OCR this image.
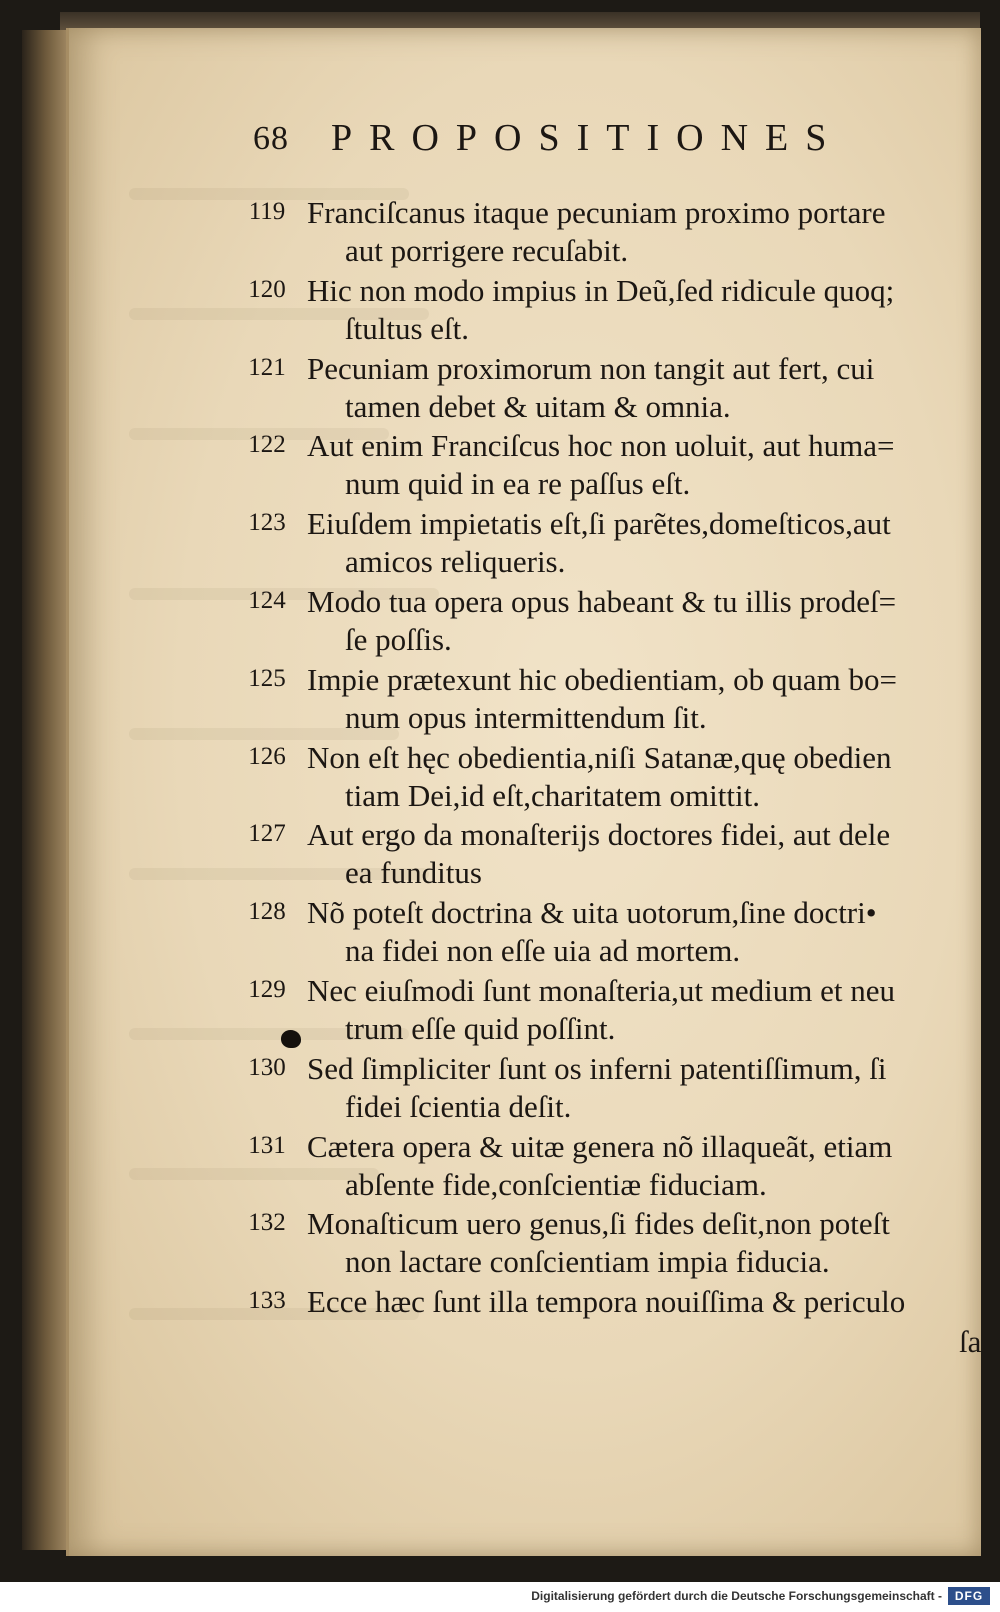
68 PROPOSITIONES
119 Franciſcanus itaque pecuniam proximo portare
aut porrigere recuſabit.
120 Hic non modo impius in Deũ,ſed ridicule quoq;
ſtultus eſt.
121 Pecuniam proximorum non tangit aut fert, cui
tamen debet & uitam & omnia.
122 Aut enim Franciſcus hoc non uoluit, aut huma=
num quid in ea re paſſus eſt.
123 Eiuſdem impietatis eſt,ſi parẽtes,domeſticos,aut
amicos reliqueris.
124 Modo tua opera opus habeant & tu illis prodeſ=
ſe poſſis.
125 Impie prætexunt hic obedientiam, ob quam bo=
num opus intermittendum ſit.
126 Non eſt hęc obedientia,niſi Satanæ,quę obedien
tiam Dei,id eſt,charitatem omittit.
127 Aut ergo da monaſterijs doctores fidei, aut dele
ea funditus
128 Nõ poteſt doctrina & uita uotorum,ſine doctri•
na fidei non eſſe uia ad mortem.
129 Nec eiuſmodi ſunt monaſteria,ut medium et neu
trum eſſe quid poſſint.
130 Sed ſimpliciter ſunt os inferni patentiſſimum, ſi
fidei ſcientia deſit.
131 Cætera opera & uitæ genera nõ illaqueãt, etiam
abſente fide,conſcientiæ fiduciam.
132 Monaſticum uero genus,ſi fides deſit,non poteſt
non lactare conſcientiam impia fiducia.
133 Ecce hæc ſunt illa tempora nouiſſima & periculo
ſa
Digitalisierung gefördert durch die Deutsche Forschungsgemeinschaft -	DFG
